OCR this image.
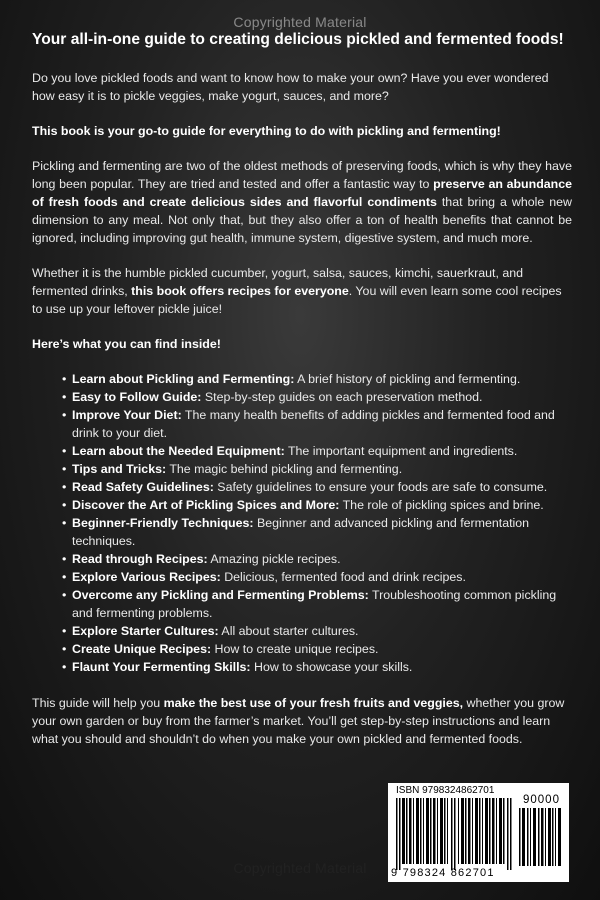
Copyrighted Material
Your all-in-one guide to creating delicious pickled and fermented foods!

Do you love pickled foods and want to know how to make your own? Have you ever wondered how easy it is to pickle veggies, make yogurt, sauces, and more?

This book is your go-to guide for everything to do with pickling and fermenting!

Pickling and fermenting are two of the oldest methods of preserving foods, which is why they have long been popular. They are tried and tested and offer a fantastic way to preserve an abundance of fresh foods and create delicious sides and flavorful condiments that bring a whole new dimension to any meal. Not only that, but they also offer a ton of health benefits that cannot be ignored, including improving gut health, immune system, digestive system, and much more.

Whether it is the humble pickled cucumber, yogurt, salsa, sauces, kimchi, sauerkraut, and fermented drinks, this book offers recipes for everyone. You will even learn some cool recipes to use up your leftover pickle juice!

Here’s what you can find inside!

• Learn about Pickling and Fermenting: A brief history of pickling and fermenting.
• Easy to Follow Guide: Step-by-step guides on each preservation method.
• Improve Your Diet: The many health benefits of adding pickles and fermented food and drink to your diet.
• Learn about the Needed Equipment: The important equipment and ingredients.
• Tips and Tricks: The magic behind pickling and fermenting.
• Read Safety Guidelines: Safety guidelines to ensure your foods are safe to consume.
• Discover the Art of Pickling Spices and More: The role of pickling spices and brine.
• Beginner-Friendly Techniques: Beginner and advanced pickling and fermentation techniques.
• Read through Recipes: Amazing pickle recipes.
• Explore Various Recipes: Delicious, fermented food and drink recipes.
• Overcome any Pickling and Fermenting Problems: Troubleshooting common pickling and fermenting problems.
• Explore Starter Cultures: All about starter cultures.
• Create Unique Recipes: How to create unique recipes.
• Flaunt Your Fermenting Skills: How to showcase your skills.

This guide will help you make the best use of your fresh fruits and veggies, whether you grow your own garden or buy from the farmer’s market. You’ll get step-by-step instructions and learn what you should and shouldn’t do when you make your own pickled and fermented foods.

ISBN 9798324862701
90000
9 798324 862701
Copyrighted Material
